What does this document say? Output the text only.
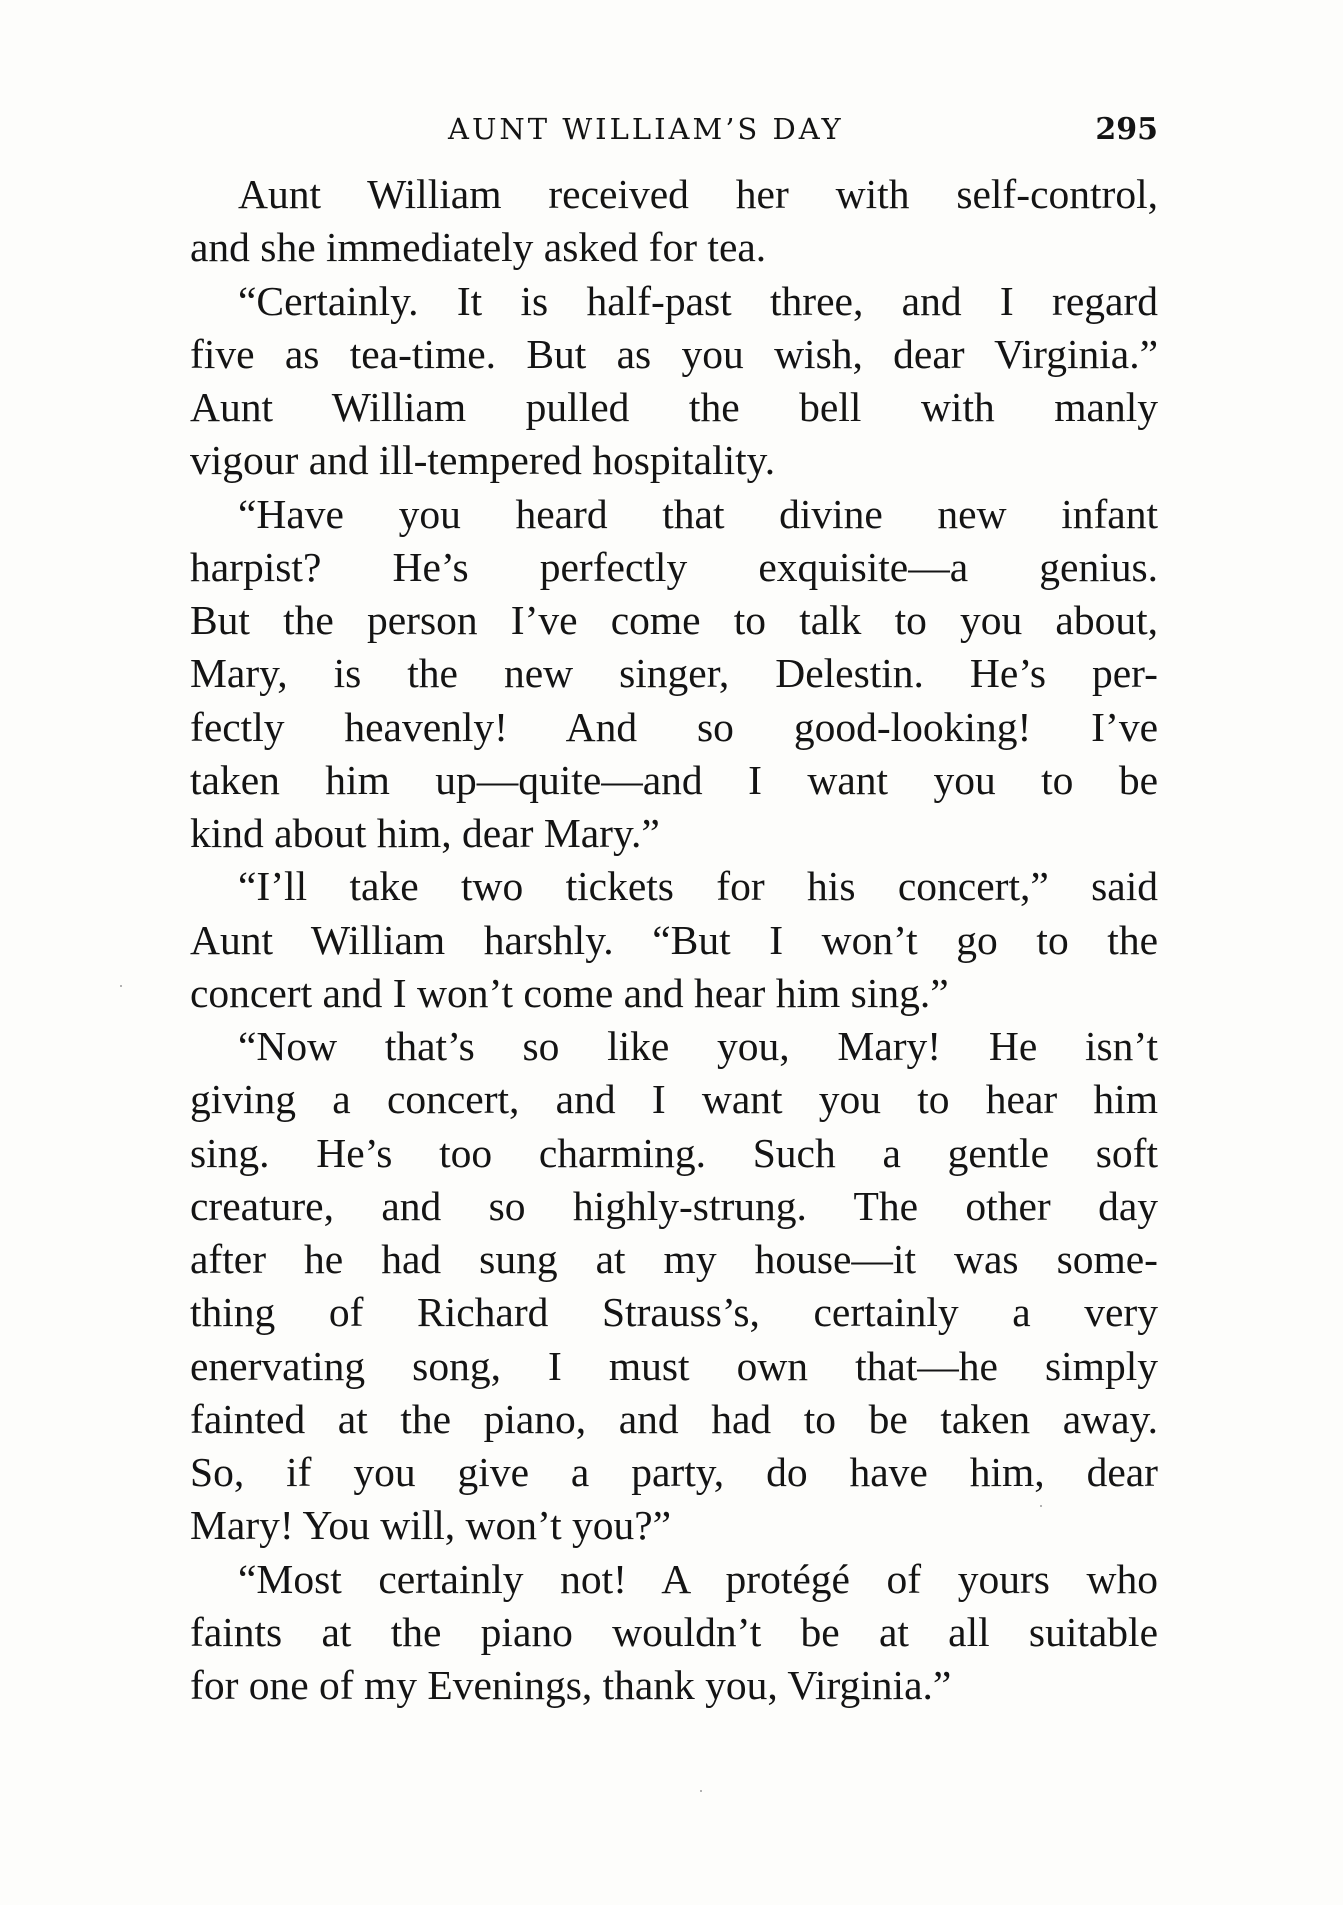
AUNT WILLIAM’S DAY	295
Aunt William received her with self-control,
and she immediately asked for tea.
“Certainly. It is half-past three, and I regard
five as tea-time. But as you wish, dear Virginia.”
Aunt William pulled the bell with manly
vigour and ill-tempered hospitality.
“Have you heard that divine new infant
harpist? He’s perfectly exquisite—a genius.
But the person I’ve come to talk to you about,
Mary, is the new singer, Delestin. He’s per-
fectly heavenly! And so good-looking! I’ve
taken him up—quite—and I want you to be
kind about him, dear Mary.”
“I’ll take two tickets for his concert,” said
Aunt William harshly. “But I won’t go to the
concert and I won’t come and hear him sing.”
“Now that’s so like you, Mary! He isn’t
giving a concert, and I want you to hear him
sing. He’s too charming. Such a gentle soft
creature, and so highly-strung. The other day
after he had sung at my house—it was some-
thing of Richard Strauss’s, certainly a very
enervating song, I must own that—he simply
fainted at the piano, and had to be taken away.
So, if you give a party, do have him, dear
Mary! You will, won’t you?”
“Most certainly not! A protégé of yours who
faints at the piano wouldn’t be at all suitable
for one of my Evenings, thank you, Virginia.”
